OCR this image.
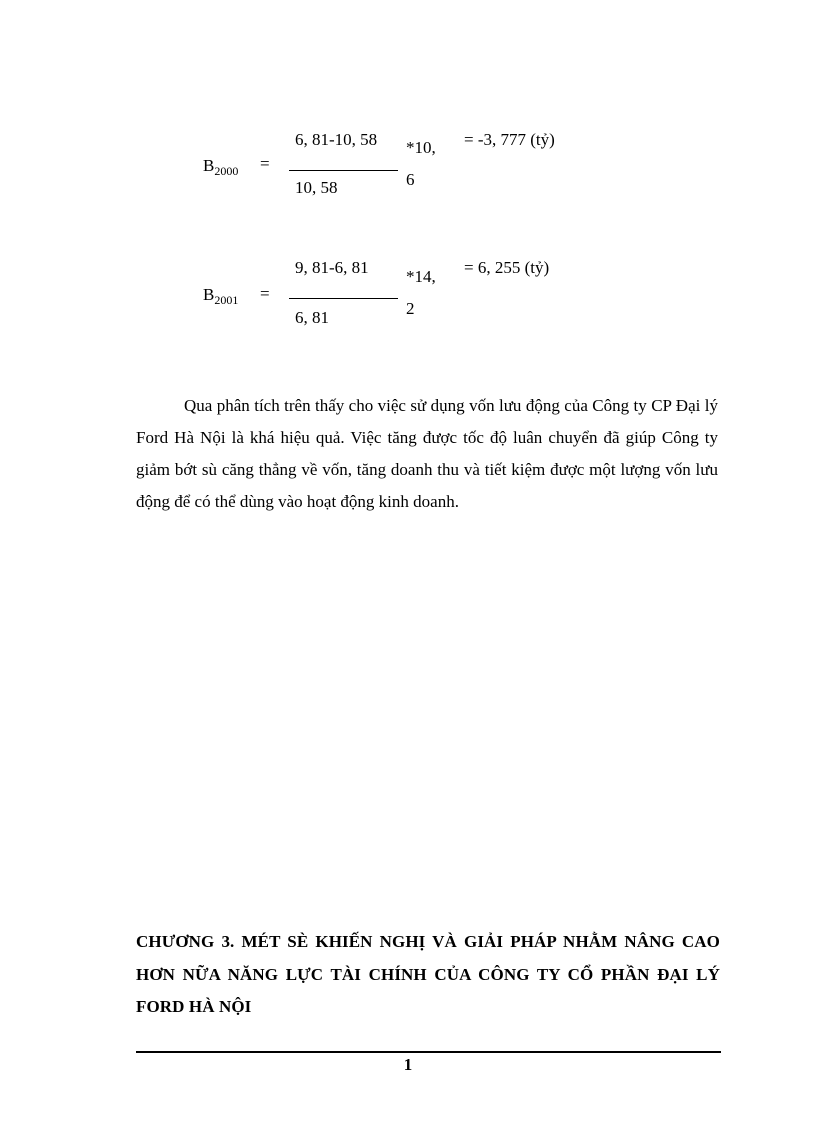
$B_{2000}$ =
6, 81-10, 58
10, 58
*10,
6
= -3, 777 (tỷ)
$B_{2001}$ =
9, 81-6, 81
6, 81
*14,
2
= 6, 255 (tỷ)

Qua phân tích trên thấy cho việc sử dụng vốn lưu động của Công ty CP Đại lý Ford Hà Nội là khá hiệu quả. Việc tăng được tốc độ luân chuyển đã giúp Công ty giảm bớt sù căng thẳng về vốn, tăng doanh thu và tiết kiệm được một lượng vốn lưu động để có thể dùng vào hoạt động kinh doanh.

CHƯƠNG 3. MÉT SÈ KHIẾN NGHỊ VÀ GIẢI PHÁP NHẰM NÂNG CAO HƠN NỮA NĂNG LỰC TÀI CHÍNH CỦA CÔNG TY CỔ PHẦN ĐẠI LÝ FORD HÀ NỘI
1
